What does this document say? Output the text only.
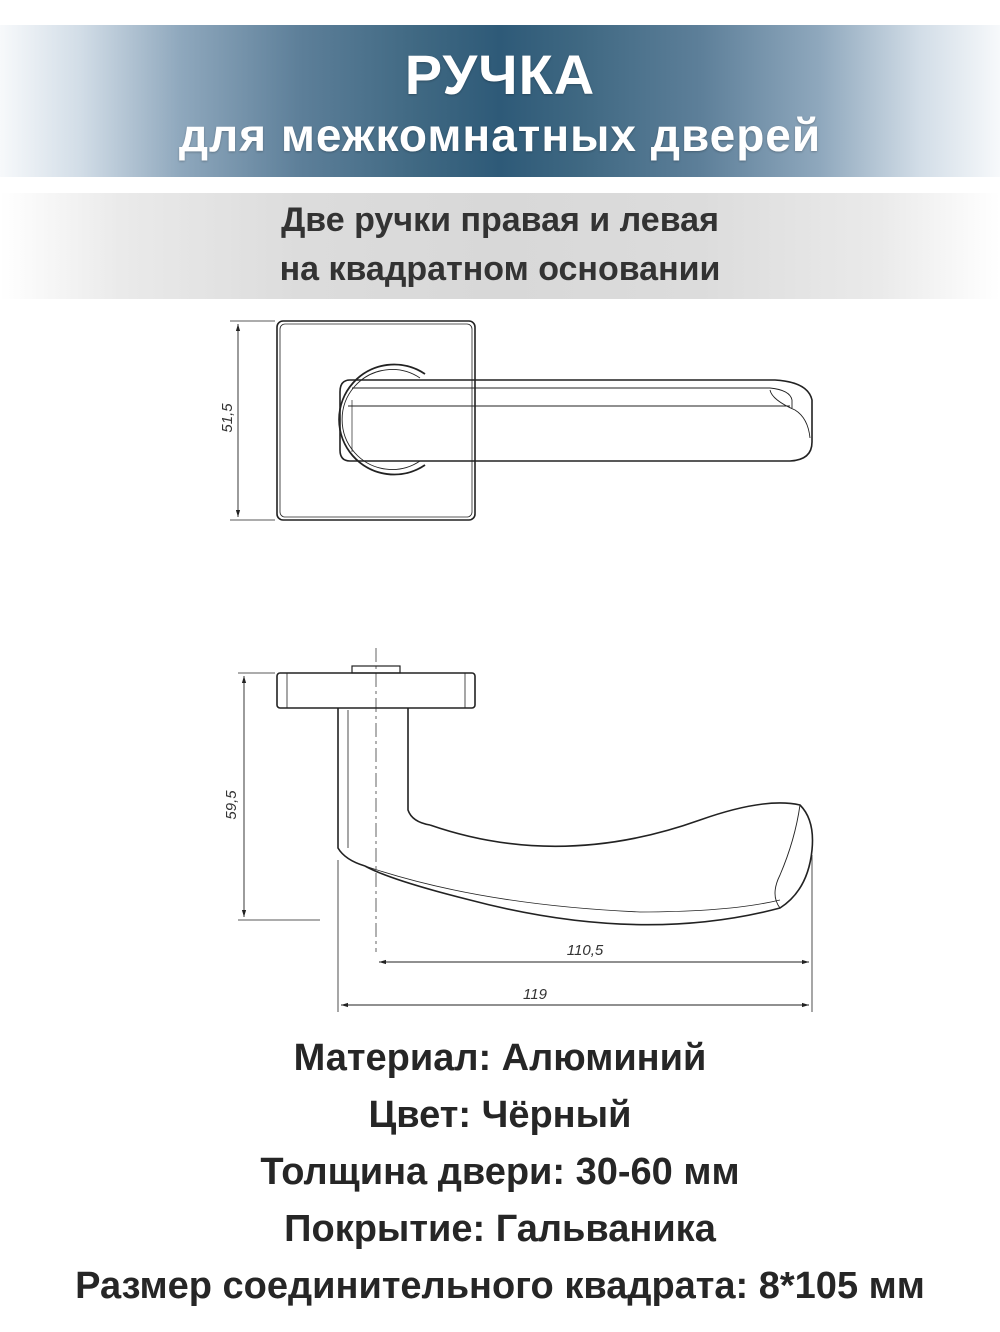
РУЧКА
для межкомнатных дверей
Две ручки правая и левая
на квадратном основании
51,5
59,5
110,5
119
Материал: Алюминий
Цвет: Чёрный
Толщина двери: 30-60 мм
Покрытие: Гальваника
Размер соединительного квадрата: 8*105 мм
